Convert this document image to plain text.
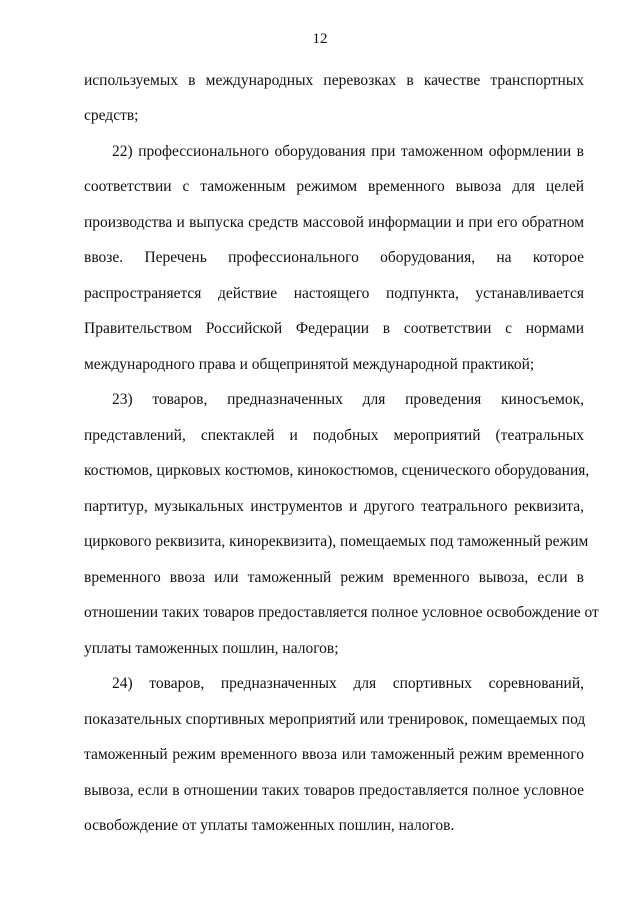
12
используемых в международных перевозках в качестве транспортных
средств;
22) профессионального оборудования при таможенном оформлении в
соответствии с таможенным режимом временного вывоза для целей
производства и выпуска средств массовой информации и при его обратном
ввозе. Перечень профессионального оборудования, на которое
распространяется действие настоящего подпункта, устанавливается
Правительством Российской Федерации в соответствии с нормами
международного права и общепринятой международной практикой;
23) товаров, предназначенных для проведения киносъемок,
представлений, спектаклей и подобных мероприятий (театральных
костюмов, цирковых костюмов, кинокостюмов, сценического оборудования,
партитур, музыкальных инструментов и другого театрального реквизита,
циркового реквизита, кинореквизита), помещаемых под таможенный режим
временного ввоза или таможенный режим временного вывоза, если в
отношении таких товаров предоставляется полное условное освобождение от
уплаты таможенных пошлин, налогов;
24) товаров, предназначенных для спортивных соревнований,
показательных спортивных мероприятий или тренировок, помещаемых под
таможенный режим временного ввоза или таможенный режим временного
вывоза, если в отношении таких товаров предоставляется полное условное
освобождение от уплаты таможенных пошлин, налогов.
